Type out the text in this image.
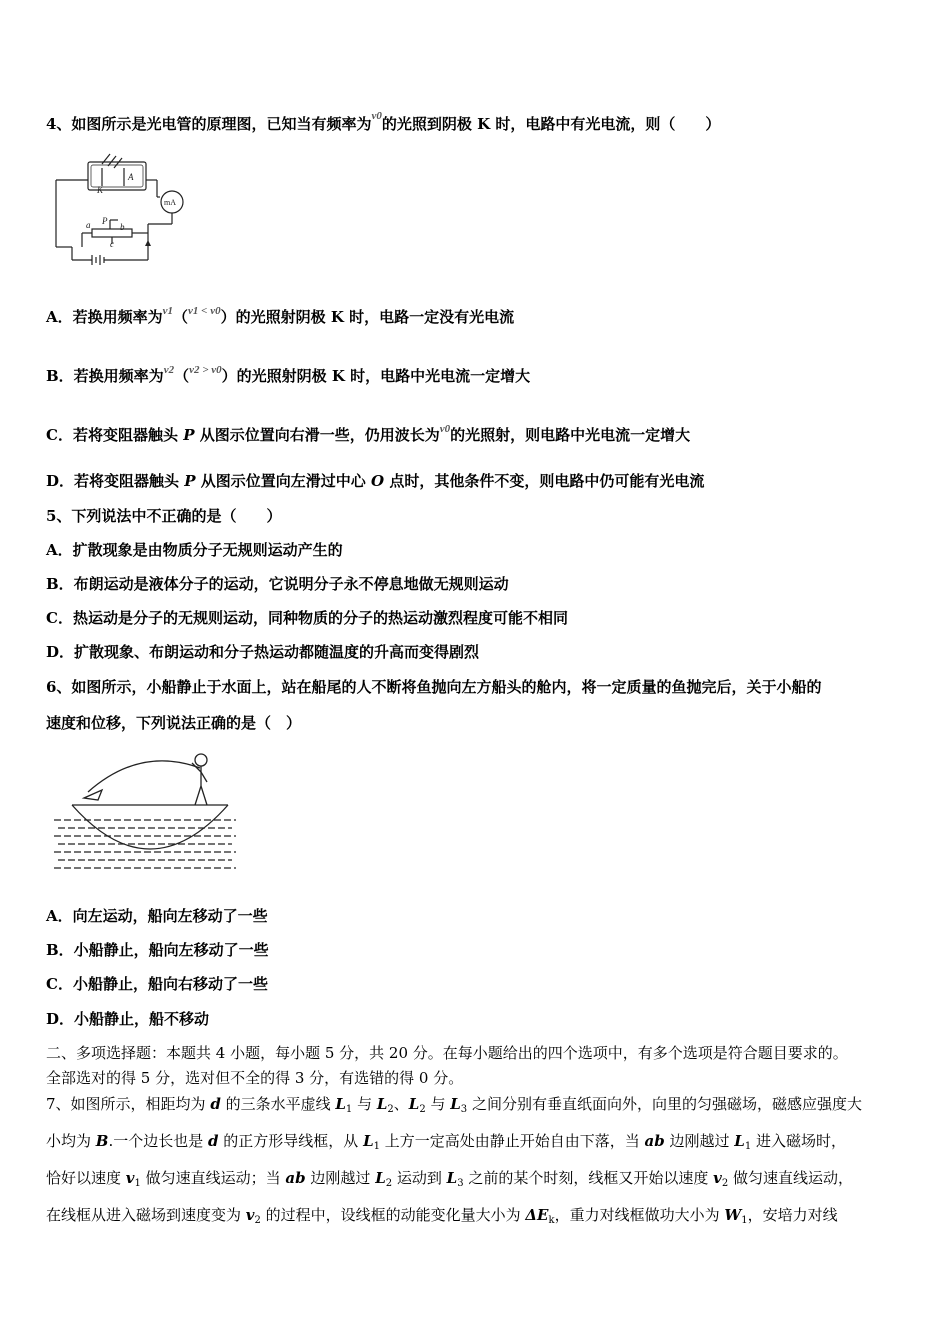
4、如图所示是光电管的原理图，已知当有频率为$^{\nu 0}$的光照到阴极 K 时，电路中有光电流，则（　　）
K
A
mA
a P
b
c
A．若换用频率为$^{\nu 1}$（$^{\nu 1 < \nu 0}$）的光照射阴极 K 时，电路一定没有光电流
B．若换用频率为$^{\nu 2}$（$^{\nu 2 > \nu 0}$）的光照射阴极 K 时，电路中光电流一定增大
C．若将变阻器触头 P 从图示位置向右滑一些，仍用波长为$^{\nu 0}$的光照射，则电路中光电流一定增大
D．若将变阻器触头 P 从图示位置向左滑过中心 O 点时，其他条件不变，则电路中仍可能有光电流
5、下列说法中不正确的是（　　）
A．扩散现象是由物质分子无规则运动产生的
B．布朗运动是液体分子的运动，它说明分子永不停息地做无规则运动
C．热运动是分子的无规则运动，同种物质的分子的热运动激烈程度可能不相同
D．扩散现象、布朗运动和分子热运动都随温度的升高而变得剧烈
6、如图所示，小船静止于水面上，站在船尾的人不断将鱼抛向左方船头的舱内，将一定质量的鱼抛完后，关于小船的
速度和位移，下列说法正确的是（　）
A．向左运动，船向左移动了一些
B．小船静止，船向左移动了一些
C．小船静止，船向右移动了一些
D．小船静止，船不移动
二、多项选择题：本题共 4 小题，每小题 5 分，共 20 分。在每小题给出的四个选项中，有多个选项是符合题目要求的。
全部选对的得 5 分，选对但不全的得 3 分，有选错的得 0 分。
7、如图所示，相距均为 d 的三条水平虚线 $L_1$ 与 $L_2$、$L_2$ 与 $L_3$ 之间分别有垂直纸面向外，向里的匀强磁场，磁感应强度大
小均为 B.一个边长也是 d 的正方形导线框，从 $L_1$ 上方一定高处由静止开始自由下落，当 ab 边刚越过 $L_1$ 进入磁场时，
恰好以速度 $v_1$ 做匀速直线运动；当 ab 边刚越过 $L_2$ 运动到 $L_3$ 之前的某个时刻，线框又开始以速度 $v_2$ 做匀速直线运动，
在线框从进入磁场到速度变为 $v_2$ 的过程中，设线框的动能变化量大小为 $\Delta E_k$，重力对线框做功大小为 $W_1$，安培力对线
